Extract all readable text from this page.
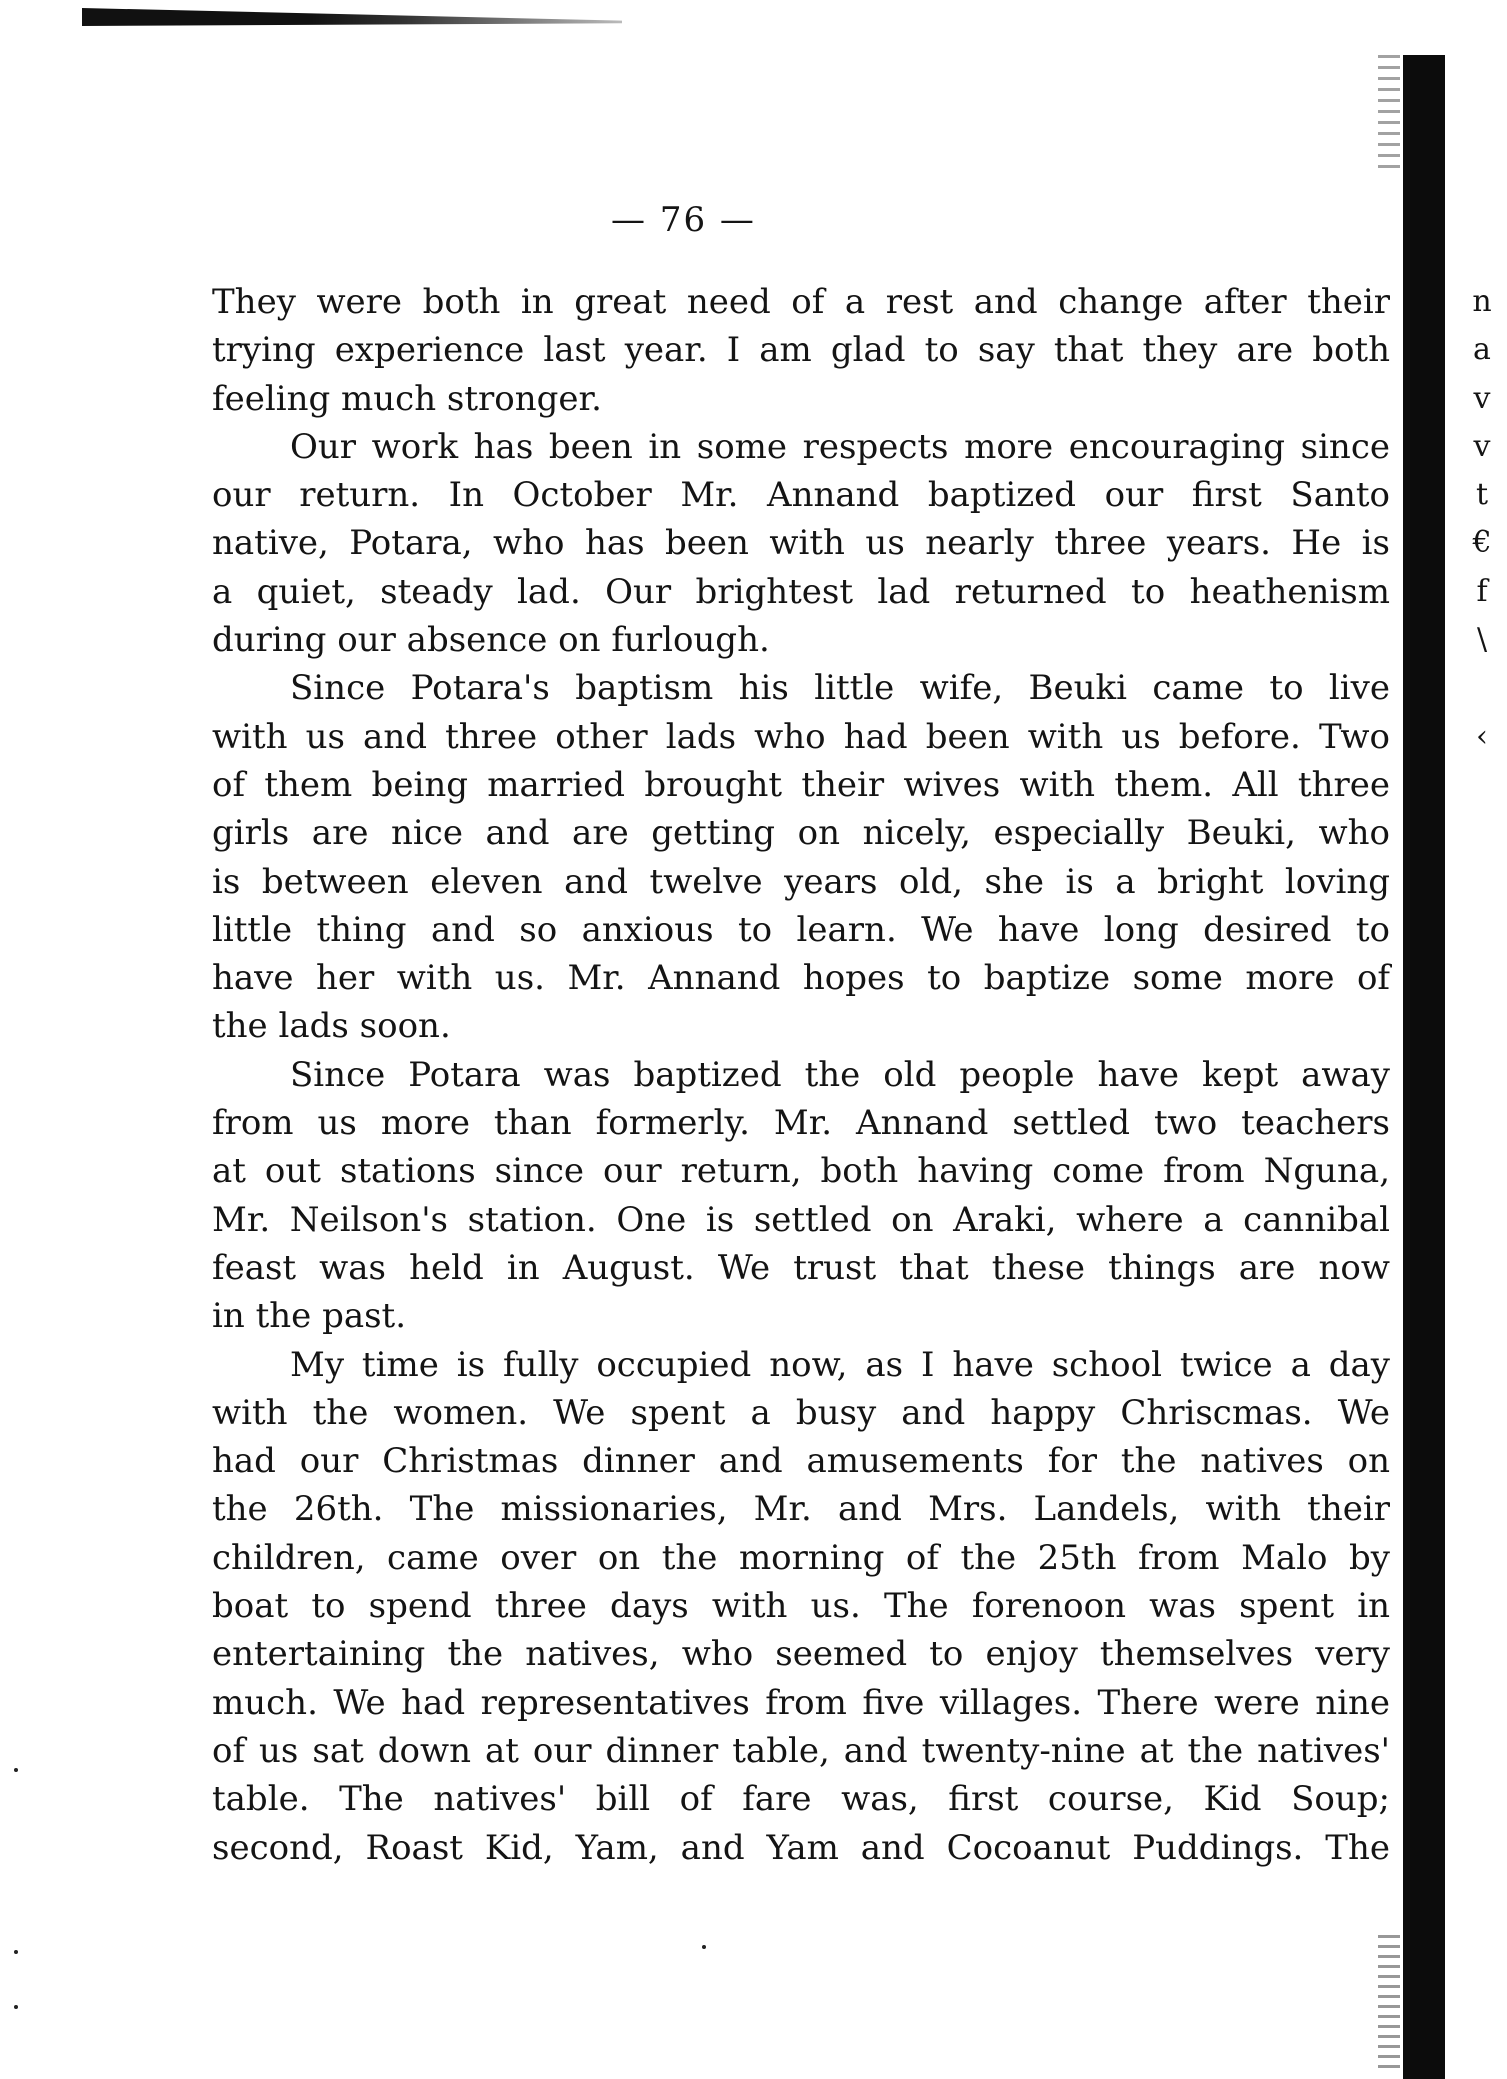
— 76 —
They were both in great need of a rest and change after their
trying experience last year. I am glad to say that they are both
feeling much stronger.
Our work has been in some respects more encouraging since
our return. In October Mr. Annand baptized our first Santo
native, Potara, who has been with us nearly three years. He is
a quiet, steady lad. Our brightest lad returned to heathenism
during our absence on furlough.
Since Potara's baptism his little wife, Beuki came to live
with us and three other lads who had been with us before. Two
of them being married brought their wives with them. All three
girls are nice and are getting on nicely, especially Beuki, who
is between eleven and twelve years old, she is a bright loving
little thing and so anxious to learn. We have long desired to
have her with us. Mr. Annand hopes to baptize some more of
the lads soon.
Since Potara was baptized the old people have kept away
from us more than formerly. Mr. Annand settled two teachers
at out stations since our return, both having come from Nguna,
Mr. Neilson's station. One is settled on Araki, where a cannibal
feast was held in August. We trust that these things are now
in the past.
My time is fully occupied now, as I have school twice a day
with the women. We spent a busy and happy Chriscmas. We
had our Christmas dinner and amusements for the natives on
the 26th. The missionaries, Mr. and Mrs. Landels, with their
children, came over on the morning of the 25th from Malo by
boat to spend three days with us. The forenoon was spent in
entertaining the natives, who seemed to enjoy themselves very
much. We had representatives from five villages. There were nine
of us sat down at our dinner table, and twenty-nine at the natives'
table. The natives' bill of fare was, first course, Kid Soup;
second, Roast Kid, Yam, and Yam and Cocoanut Puddings. The
n
a
v
v
t
€
f
\
‹
